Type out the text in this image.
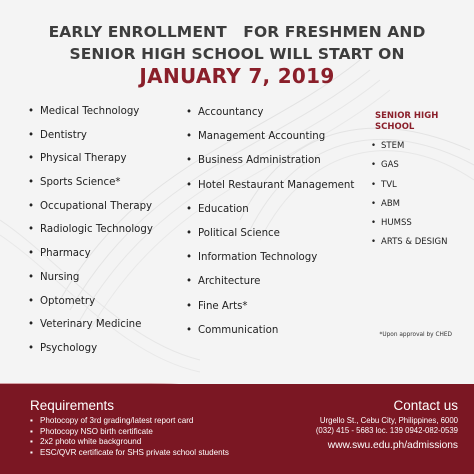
EARLY ENROLLMENT   FOR FRESHMEN AND
SENIOR HIGH SCHOOL WILL START ON
JANUARY 7, 2019
• Medical Technology
• Dentistry
• Physical Therapy
• Sports Science*
• Occupational Therapy
• Radiologic Technology
• Pharmacy
• Nursing
• Optometry
• Veterinary Medicine
• Psychology
• Accountancy
• Management Accounting
• Business Administration
• Hotel Restaurant Management
• Education
• Political Science
• Information Technology
• Architecture
• Fine Arts*
• Communication
SENIOR HIGH
SCHOOL
• STEM
• GAS
• TVL
• ABM
• HUMSS
• ARTS & DESIGN
*Upon approval by CHED
Requirements
▪ Photocopy of 3rd grading/latest report card
▪ Photocopy NSO birth certificate
▪ 2x2 photo white background
▪ ESC/QVR certificate for SHS private school students
Contact us
Urgello St., Cebu City, Philippines, 6000
(032) 415 - 5683 loc. 139 0942-082-0539
www.swu.edu.ph/admissions
